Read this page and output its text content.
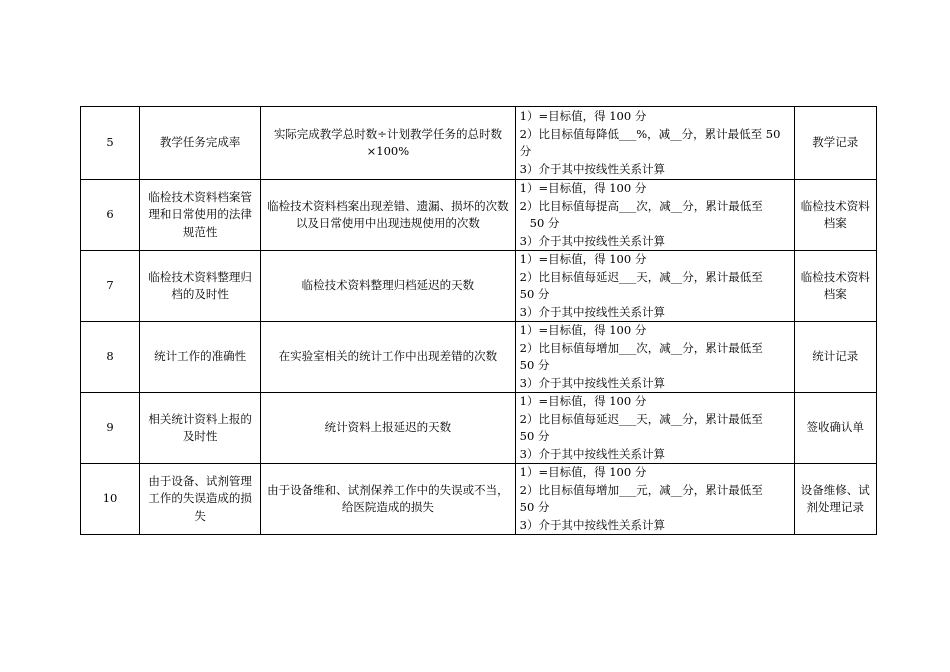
5	教学任务完成率	实际完成教学总时数÷计划教学任务的总时数×100%	1）=目标值，得 100 分
2）比目标值每降低___%，减__分，累计最低至 50
分
3）介于其中按线性关系计算	教学记录
6	临检技术资料档案管理和日常使用的法律规范性	临检技术资料档案出现差错、遗漏、损坏的次数以及日常使用中出现违规使用的次数	1）=目标值，得 100 分
2）比目标值每提高___次，减__分，累计最低至
50 分
3）介于其中按线性关系计算	临检技术资料档案
7	临检技术资料整理归档的及时性	临检技术资料整理归档延迟的天数	1）=目标值，得 100 分
2）比目标值每延迟___天，减__分，累计最低至
50 分
3）介于其中按线性关系计算	临检技术资料档案
8	统计工作的准确性	在实验室相关的统计工作中出现差错的次数	1）=目标值，得 100 分
2）比目标值每增加___次，减__分，累计最低至
50 分
3）介于其中按线性关系计算	统计记录
9	相关统计资料上报的及时性	统计资料上报延迟的天数	1）=目标值，得 100 分
2）比目标值每延迟___天，减__分，累计最低至
50 分
3）介于其中按线性关系计算	签收确认单
10	由于设备、试剂管理工作的失误造成的损失	由于设备维和、试剂保养工作中的失误或不当，给医院造成的损失	1）=目标值，得 100 分
2）比目标值每增加___元，减__分，累计最低至
50 分
3）介于其中按线性关系计算	设备维修、试剂处理记录
